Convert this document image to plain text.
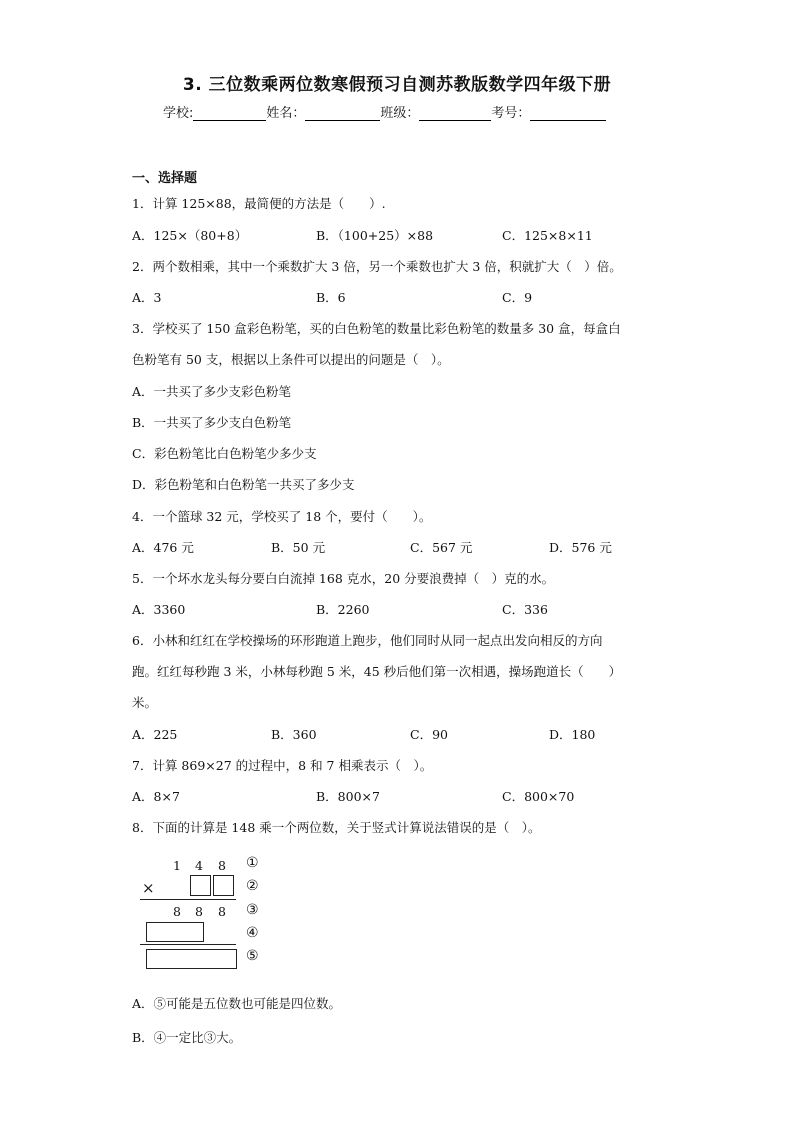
3. 三位数乘两位数寒假预习自测苏教版数学四年级下册
学校:	姓名：	班级：	考号：
一、选择题
1．计算 125×88，最简便的方法是（　　）.
A．125×（80+8）	B．（100+25）×88	C．125×8×11
2．两个数相乘，其中一个乘数扩大 3 倍，另一个乘数也扩大 3 倍，积就扩大（　）倍。
A．3	B．6	C．9
3．学校买了 150 盒彩色粉笔，买的白色粉笔的数量比彩色粉笔的数量多 30 盒，每盒白
色粉笔有 50 支，根据以上条件可以提出的问题是（　）。
A．一共买了多少支彩色粉笔
B．一共买了多少支白色粉笔
C．彩色粉笔比白色粉笔少多少支
D．彩色粉笔和白色粉笔一共买了多少支
4．一个篮球 32 元，学校买了 18 个，要付（　　）。
A．476 元	B．50 元	C．567 元	D．576 元
5．一个坏水龙头每分要白白流掉 168 克水，20 分要浪费掉（　）克的水。
A．3360	B．2260	C．336
6．小林和红红在学校操场的环形跑道上跑步，他们同时从同一起点出发向相反的方向
跑。红红每秒跑 3 米，小林每秒跑 5 米，45 秒后他们第一次相遇，操场跑道长（　　）
米。
A．225	B．360	C．90	D．180
7．计算 869×27 的过程中，8 和 7 相乘表示（　）。
A．8×7	B．800×7	C．800×70
8．下面的计算是 148 乘一个两位数，关于竖式计算说法错误的是（　）。
1 4 8 ①
×	②
8 8 8 ③
④
⑤
A．⑤可能是五位数也可能是四位数。
B．④一定比③大。
